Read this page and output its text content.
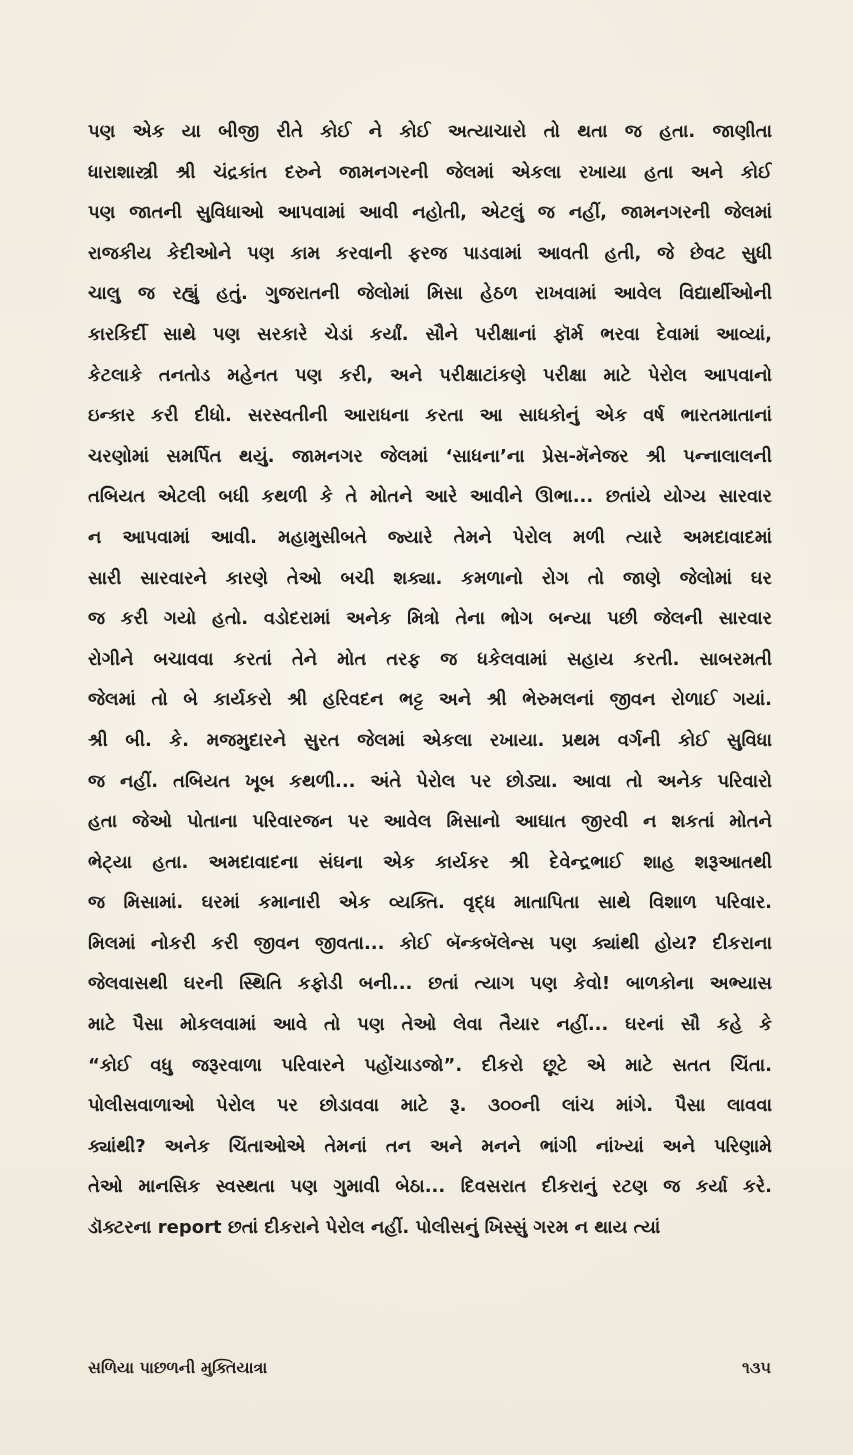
પણ એક યા બીજી રીતે કોઈ ને કોઈ અત્યાચારો તો થતા જ હતા. જાણીતા
ધારાશાસ્ત્રી શ્રી ચંદ્રકાંત દરુને જામનગરની જેલમાં એકલા રખાયા હતા અને કોઈ
પણ જાતની સુવિધાઓ આપવામાં આવી નહોતી, એટલું જ નહીં, જામનગરની જેલમાં
રાજકીય કેદીઓને પણ કામ કરવાની ફરજ પાડવામાં આવતી હતી, જે છેવટ સુધી
ચાલુ જ રહ્યું હતું. ગુજરાતની જેલોમાં મિસા હેઠળ રાખવામાં આવેલ વિદ્યાર્થીઓની
કારકિર્દી સાથે પણ સરકારે ચેડાં કર્યાં. સૌને પરીક્ષાનાં ફૉર્મ ભરવા દેવામાં આવ્યાં,
કેટલાકે તનતોડ મહેનત પણ કરી, અને પરીક્ષાટાંકણે પરીક્ષા માટે પેરોલ આપવાનો
ઇન્કાર કરી દીધો. સરસ્વતીની આરાધના કરતા આ સાધકોનું એક વર્ષ ભારતમાતાનાં
ચરણોમાં સમર્પિત થયું. જામનગર જેલમાં ‘સાધના’ના પ્રેસ-મૅનેજર શ્રી પન્નાલાલની
તબિયત એટલી બધી કથળી કે તે મોતને આરે આવીને ઊભા... છતાંયે યોગ્ય સારવાર
ન આપવામાં આવી. મહામુસીબતે જ્યારે તેમને પેરોલ મળી ત્યારે અમદાવાદમાં
સારી સારવારને કારણે તેઓ બચી શક્યા. કમળાનો રોગ તો જાણે જેલોમાં ઘર
જ કરી ગયો હતો. વડોદરામાં અનેક મિત્રો તેના ભોગ બન્યા પછી જેલની સારવાર
રોગીને બચાવવા કરતાં તેને મોત તરફ જ ધકેલવામાં સહાય કરતી. સાબરમતી
જેલમાં તો બે કાર્યકરો શ્રી હરિવદન ભટ્ટ અને શ્રી ભેરુમલનાં જીવન રોળાઈ ગયાં.
શ્રી બી. કે. મજમુદારને સુરત જેલમાં એકલા રખાયા. પ્રથમ વર્ગની કોઈ સુવિધા
જ નહીં. તબિયત ખૂબ કથળી... અંતે પેરોલ પર છોડ્યા. આવા તો અનેક પરિવારો
હતા જેઓ પોતાના પરિવારજન પર આવેલ મિસાનો આઘાત જીરવી ન શકતાં મોતને
ભેટ્યા હતા. અમદાવાદના સંઘના એક કાર્યકર શ્રી દેવેન્દ્રભાઈ શાહ શરૂઆતથી
જ મિસામાં. ઘરમાં કમાનારી એક વ્યક્તિ. વૃદ્ધ માતાપિતા સાથે વિશાળ પરિવાર.
મિલમાં નોકરી કરી જીવન જીવતા... કોઈ બૅન્કબૅલેન્સ પણ ક્યાંથી હોય? દીકરાના
જેલવાસથી ઘરની સ્થિતિ કફોડી બની... છતાં ત્યાગ પણ કેવો! બાળકોના અભ્યાસ
માટે પૈસા મોકલવામાં આવે તો પણ તેઓ લેવા તૈયાર નહીં... ઘરનાં સૌ કહે કે
“કોઈ વધુ જરૂરવાળા પરિવારને પહોંચાડજો”. દીકરો છૂટે એ માટે સતત ચિંતા.
પોલીસવાળાઓ પેરોલ પર છોડાવવા માટે રૂ. ૩૦૦ની લાંચ માંગે. પૈસા લાવવા
ક્યાંથી? અનેક ચિંતાઓએ તેમનાં તન અને મનને ભાંગી નાંખ્યાં અને પરિણામે
તેઓ માનસિક સ્વસ્થતા પણ ગુમાવી બેઠા... દિવસરાત દીકરાનું રટણ જ કર્યા કરે.
ડૉક્ટરના report છતાં દીકરાને પેરોલ નહીં. પોલીસનું ખિસ્સું ગરમ ન થાય ત્યાં
સળિયા પાછળની મુક્તિયાત્રા	૧૩૫
